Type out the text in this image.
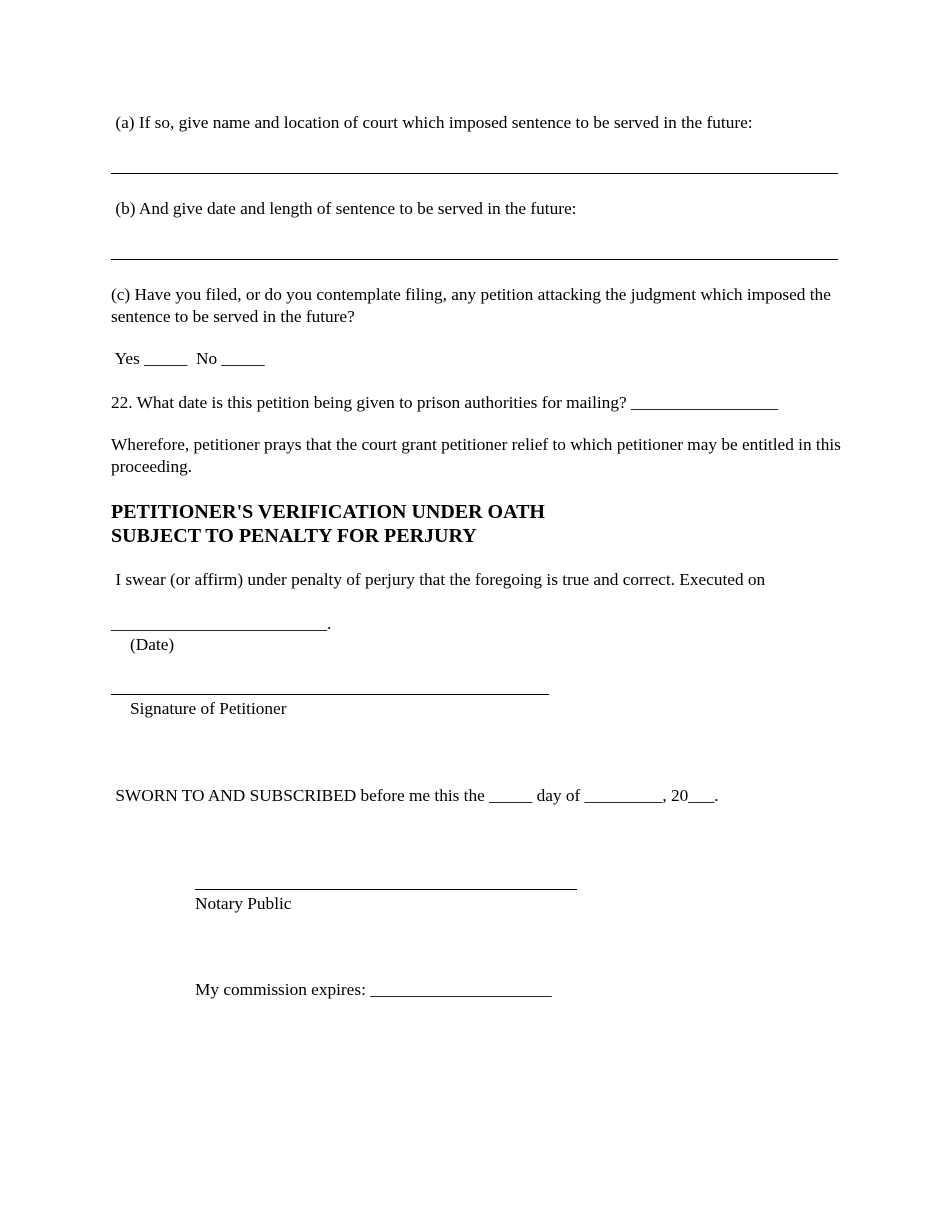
(a) If so, give name and location of court which imposed sentence to be served in the future:

(b) And give date and length of sentence to be served in the future:

(c) Have you filed, or do you contemplate filing, any petition attacking the judgment which imposed the sentence to be served in the future?

Yes _____  No _____

22. What date is this petition being given to prison authorities for mailing? _________________

Wherefore, petitioner prays that the court grant petitioner relief to which petitioner may be entitled in this proceeding.

PETITIONER'S VERIFICATION UNDER OATH

SUBJECT TO PENALTY FOR PERJURY

I swear (or affirm) under penalty of perjury that the foregoing is true and correct. Executed on

_________________________.

(Date)

Signature of Petitioner

SWORN TO AND SUBSCRIBED before me this the _____ day of _________, 20___.

Notary Public

My commission expires: _____________________
